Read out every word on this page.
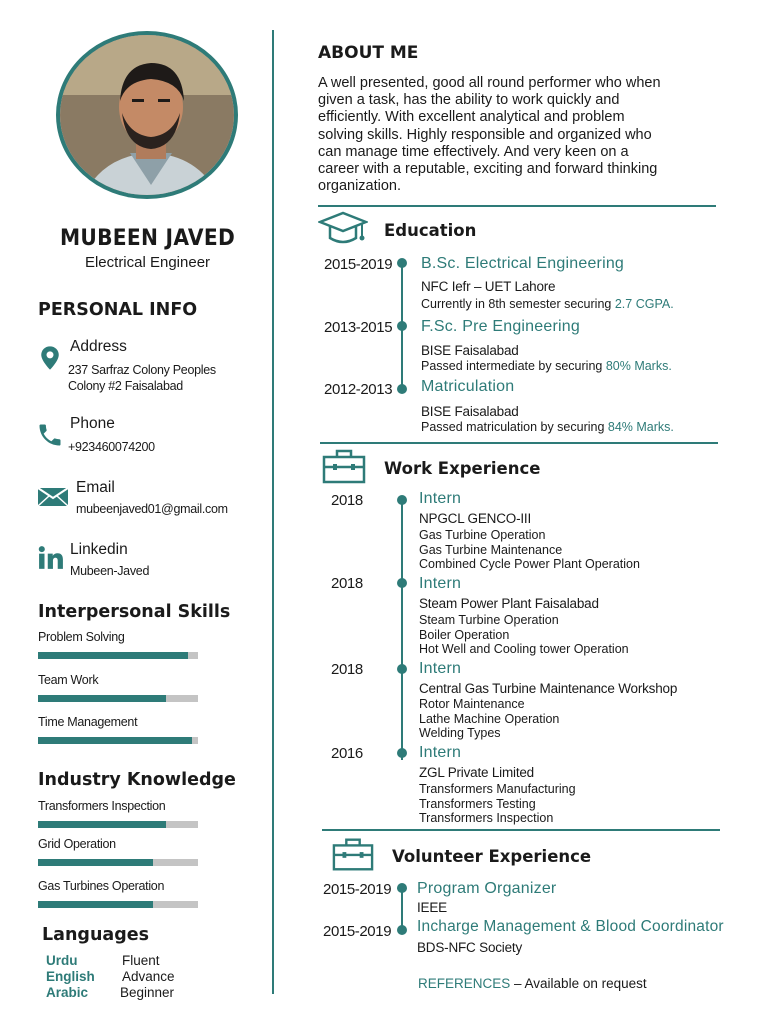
MUBEEN JAVED
Electrical Engineer
PERSONAL INFO
Address
237 Sarfraz Colony Peoples
Colony #2 Faisalabad
Phone
+923460074200
Email
mubeenjaved01@gmail.com
Linkedin
Mubeen-Javed
Interpersonal Skills
Problem Solving
Team Work
Time Management
Industry Knowledge
Transformers Inspection
Grid Operation
Gas Turbines Operation
Languages
Urdu	Fluent
English Advance
Arabic Beginner
ABOUT ME
A well presented, good all round performer who when
given a task, has the ability to work quickly and
efficiently. With excellent analytical and problem
solving skills. Highly responsible and organized who
can manage time effectively. And very keen on a
career with a reputable, exciting and forward thinking
organization.
Education
2015-2019 B.Sc. Electrical Engineering
NFC Iefr – UET Lahore
Currently in 8th semester securing 2.7 CGPA.
2013-2015 F.Sc. Pre Engineering
BISE Faisalabad
Passed intermediate by securing 80% Marks.
2012-2013 Matriculation
BISE Faisalabad
Passed matriculation by securing 84% Marks.
Work Experience
2018	Intern
NPGCL GENCO-III
Gas Turbine Operation
Gas Turbine Maintenance
Combined Cycle Power Plant Operation
2018	Intern
Steam Power Plant Faisalabad
Steam Turbine Operation
Boiler Operation
Hot Well and Cooling tower Operation
2018	Intern
Central Gas Turbine Maintenance Workshop
Rotor Maintenance
Lathe Machine Operation
Welding Types
2016	Intern
ZGL Private Limited
Transformers Manufacturing
Transformers Testing
Transformers Inspection
Volunteer Experience
2015-2019 Program Organizer
IEEE
2015-2019 Incharge Management & Blood Coordinator
BDS-NFC Society
REFERENCES – Available on request
